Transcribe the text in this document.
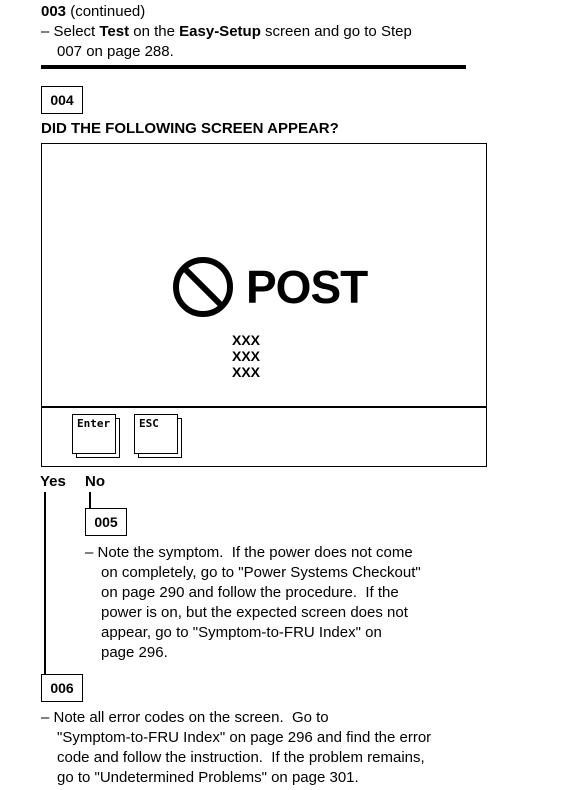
003 (continued)
– Select Test on the Easy-Setup screen and go to Step
007 on page 288.
004
DID THE FOLLOWING SCREEN APPEAR?
POST
XXX
XXX
XXX
Enter	ESC
Yes No
005
– Note the symptom.  If the power does not come
on completely, go to "Power Systems Checkout"
on page 290 and follow the procedure.  If the
power is on, but the expected screen does not
appear, go to "Symptom-to-FRU Index" on
page 296.
006
– Note all error codes on the screen.  Go to
"Symptom-to-FRU Index" on page 296 and find the error
code and follow the instruction.  If the problem remains,
go to "Undetermined Problems" on page 301.
